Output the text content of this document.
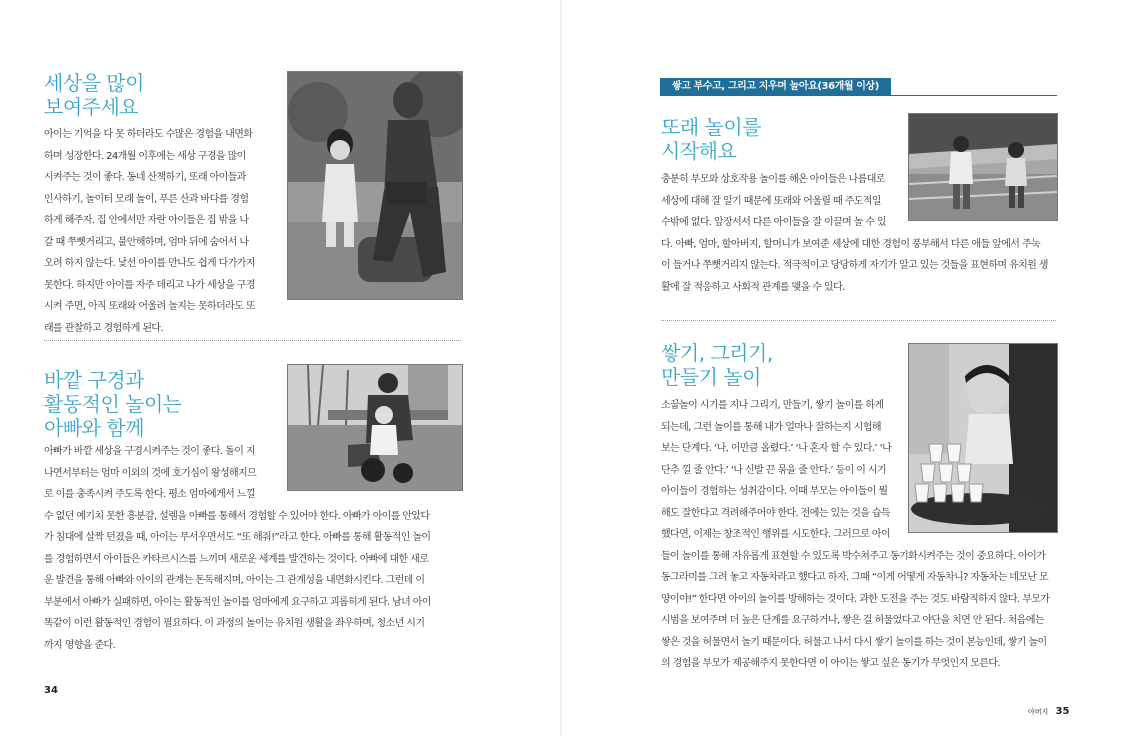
세상을 많이
보여주세요

아이는 기억을 다 못 하더라도 수많은 경험을 내면화

하며 성장한다. 24개월 이후에는 세상 구경을 많이

시켜주는 것이 좋다. 동네 산책하기, 또래 아이들과

인사하기, 놀이터 모래 놀이, 푸른 산과 바다를 경험

하게 해주자. 집 안에서만 자란 아이들은 집 밖을 나

갈 때 쭈뼛거리고, 불안해하며, 엄마 뒤에 숨어서 나

오려 하지 않는다. 낯선 아이를 만나도 쉽게 다가가지

못한다. 하지만 아이를 자주 데리고 나가 세상을 구경

시켜 주면, 아직 또래와 어울려 놀지는 못하더라도 또

래를 관찰하고 경험하게 된다.

바깥 구경과
활동적인 놀이는
아빠와 함께

아빠가 바깥 세상을 구경시켜주는 것이 좋다. 돌이 지

나면서부터는 엄마 이외의 것에 호기심이 왕성해지므

로 이를 충족시켜 주도록 한다. 평소 엄마에게서 느낄

수 없던 예기치 못한 흥분감, 설렘을 아빠를 통해서 경험할 수 있어야 한다. 아빠가 아이를 안았다

가 침대에 살짝 던졌을 때, 아이는 무서우면서도 “또 해줘!”라고 한다. 아빠를 통해 활동적인 놀이

를 경험하면서 아이들은 카타르시스를 느끼며 새로운 세계를 발견하는 것이다. 아빠에 대한 새로

운 발견을 통해 아빠와 아이의 관계는 돈독해지며, 아이는 그 관계성을 내면화시킨다. 그런데 이

부분에서 아빠가 실패하면, 아이는 활동적인 놀이를 엄마에게 요구하고 괴롭히게 된다. 남녀 아이

똑같이 이런 활동적인 경험이 필요하다. 이 과정의 놀이는 유치원 생활을 좌우하며, 청소년 시기

까지 영향을 준다.

34
쌓고 부수고, 그리고 지우며 놀아요(36개월 이상)
또래 놀이를
시작해요

충분히 부모와 상호작용 놀이를 해온 아이들은 나름대로

세상에 대해 잘 알기 때문에 또래와 어울릴 때 주도적일

수밖에 없다. 앞장서서 다른 아이들을 잘 이끌며 놀 수 있

다. 아빠, 엄마, 할아버지, 할머니가 보여준 세상에 대한 경험이 풍부해서 다른 애들 앞에서 주눅

이 들거나 쭈뼛거리지 않는다. 적극적이고 당당하게 자기가 알고 있는 것들을 표현하며 유치원 생

활에 잘 적응하고 사회적 관계를 맺을 수 있다.

쌓기, 그리기,
만들기 놀이

소꿉놀이 시기를 지나 그리기, 만들기, 쌓기 놀이를 하게

되는데, 그런 놀이를 통해 내가 얼마나 잘하는지 시험해

보는 단계다. ‘나, 이만큼 올렸다.’ ‘나 혼자 할 수 있다.’ ‘나

단추 낄 줄 안다.’ ‘나 신발 끈 묶을 줄 안다.’ 등이 이 시기

아이들이 경험하는 성취감이다. 이때 부모는 아이들이 뭘

해도 잘한다고 격려해주어야 한다. 전에는 있는 것을 습득

했다면, 이제는 창조적인 행위를 시도한다. 그러므로 아이

들이 놀이를 통해 자유롭게 표현할 수 있도록 박수쳐주고 동기화시켜주는 것이 중요하다. 아이가

동그라미를 그려 놓고 자동차라고 했다고 하자. 그때 “이게 어떻게 자동차니? 자동차는 네모난 모

양이야!” 한다면 아이의 놀이를 방해하는 것이다. 과한 도전을 주는 것도 바람직하지 않다. 부모가

시범을 보여주며 더 높은 단계를 요구하거나, 쌓은 걸 허물었다고 야단을 치면 안 된다. 처음에는

쌓은 것을 허물면서 놀기 때문이다. 허물고 나서 다시 쌓기 놀이를 하는 것이 본능인데, 쌓기 놀이

의 경험을 부모가 제공해주지 못한다면 이 아이는 쌓고 싶은 동기가 무엇인지 모른다.

아버지 35
